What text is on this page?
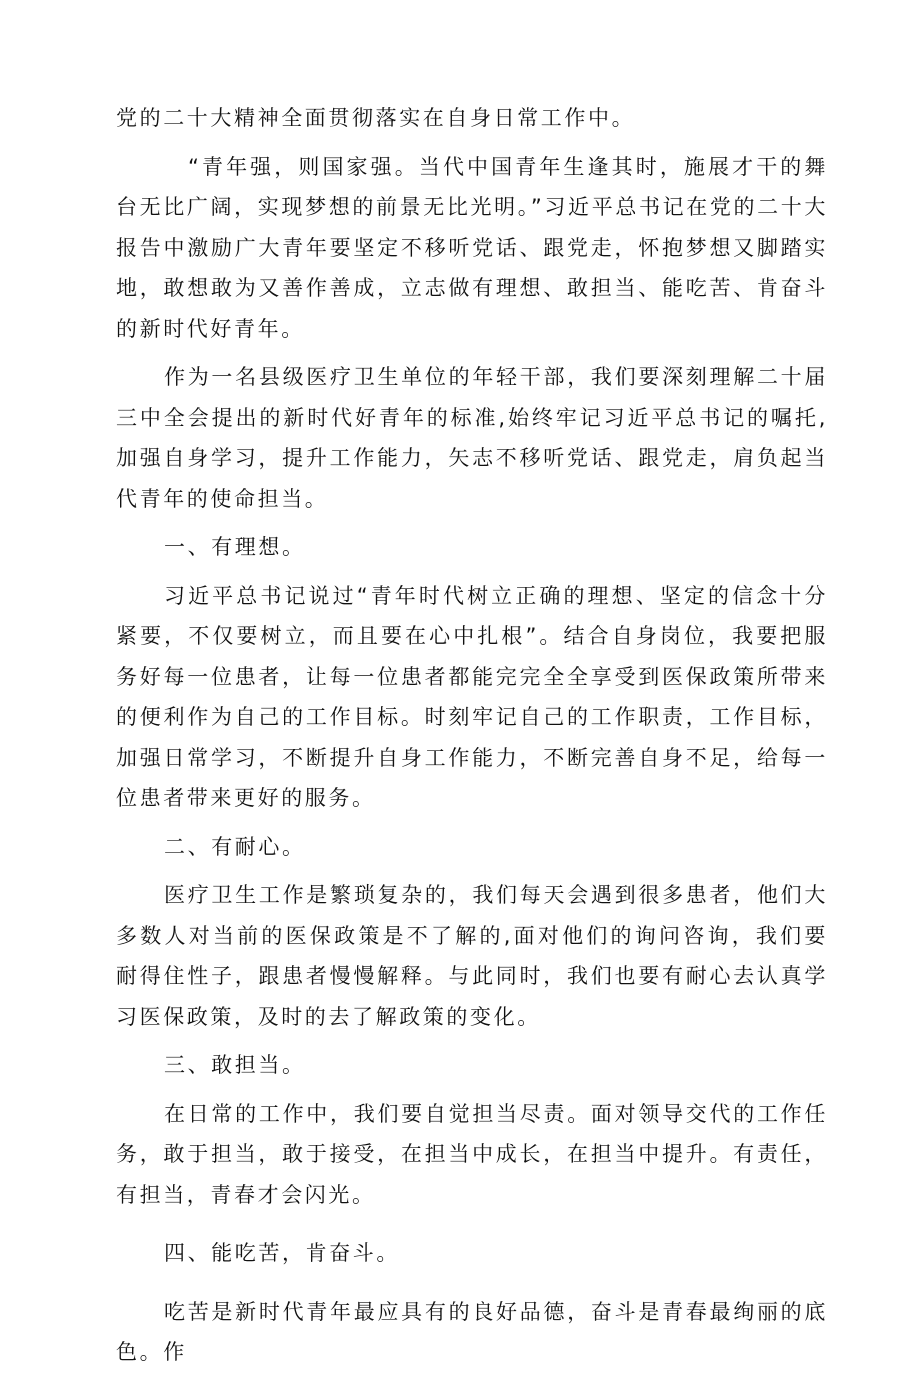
党的二十大精神全面贯彻落实在自身日常工作中。

“青年强，则国家强。当代中国青年生逢其时，施展才干的舞台无比广阔，实现梦想的前景无比光明。”习近平总书记在党的二十大报告中激励广大青年要坚定不移听党话、跟党走，怀抱梦想又脚踏实地，敢想敢为又善作善成，立志做有理想、敢担当、能吃苦、肯奋斗的新时代好青年。

作为一名县级医疗卫生单位的年轻干部，我们要深刻理解二十届三中全会提出的新时代好青年的标准,始终牢记习近平总书记的嘱托,加强自身学习，提升工作能力，矢志不移听党话、跟党走，肩负起当代青年的使命担当。

一、有理想。

习近平总书记说过“青年时代树立正确的理想、坚定的信念十分紧要，不仅要树立，而且要在心中扎根”。结合自身岗位，我要把服务好每一位患者，让每一位患者都能完完全全享受到医保政策所带来的便利作为自己的工作目标。时刻牢记自己的工作职责，工作目标，加强日常学习，不断提升自身工作能力，不断完善自身不足，给每一位患者带来更好的服务。

二、有耐心。

医疗卫生工作是繁琐复杂的，我们每天会遇到很多患者，他们大多数人对当前的医保政策是不了解的,面对他们的询问咨询，我们要耐得住性子，跟患者慢慢解释。与此同时，我们也要有耐心去认真学习医保政策，及时的去了解政策的变化。

三、敢担当。

在日常的工作中，我们要自觉担当尽责。面对领导交代的工作任务，敢于担当，敢于接受，在担当中成长，在担当中提升。有责任，有担当，青春才会闪光。

四、能吃苦，肯奋斗。

吃苦是新时代青年最应具有的良好品德，奋斗是青春最绚丽的底色。作
